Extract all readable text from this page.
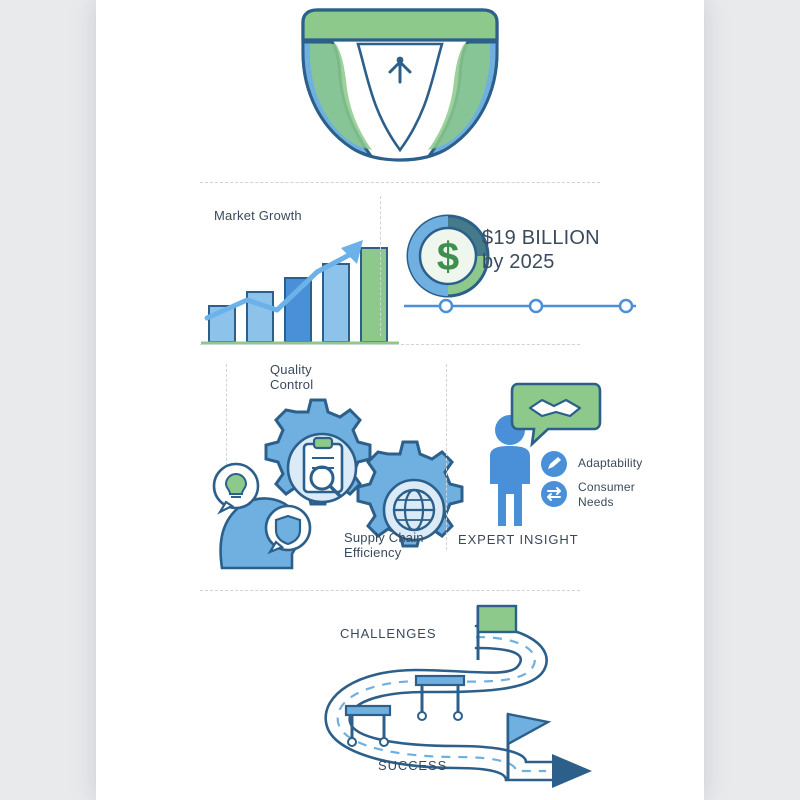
Market Growth
$ $19 BILLION
by 2025
Quality
Control
Supply Chain
Efficiency
Adaptability
Consumer
Needs
EXPERT INSIGHT
CHALLENGES
SUCCESS
